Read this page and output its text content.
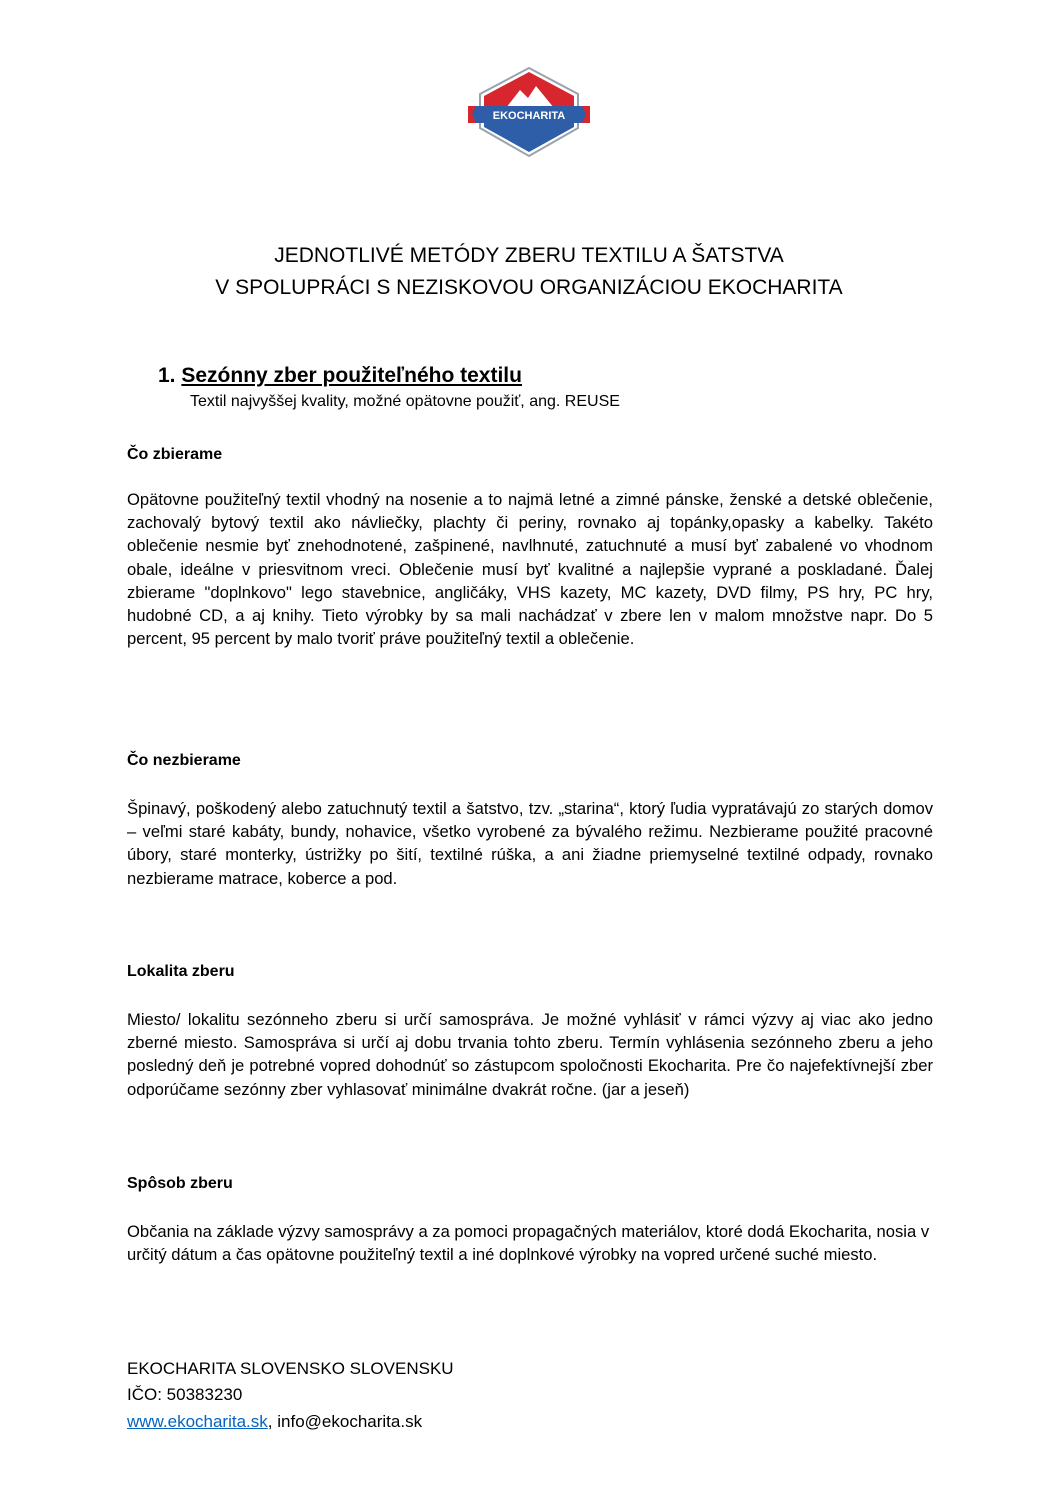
EKOCHARITA
JEDNOTLIVÉ METÓDY ZBERU TEXTILU A ŠATSTVA
V SPOLUPRÁCI S NEZISKOVOU ORGANIZÁCIOU EKOCHARITA
1. Sezónny zber použiteľného textilu
Textil najvyššej kvality, možné opätovne použiť, ang. REUSE
Čo zbierame
Opätovne použiteľný textil vhodný na nosenie a to najmä letné a zimné pánske, ženské a detské oblečenie, zachovalý bytový textil ako návliečky, plachty či periny, rovnako aj topánky,opasky a kabelky. Takéto oblečenie nesmie byť znehodnotené, zašpinené, navlhnuté, zatuchnuté a musí byť zabalené vo vhodnom obale, ideálne v priesvitnom vreci. Oblečenie musí byť kvalitné a najlepšie vyprané a poskladané. Ďalej zbierame "doplnkovo" lego stavebnice, angličáky, VHS kazety, MC kazety, DVD filmy, PS hry, PC hry, hudobné CD, a aj knihy. Tieto výrobky by sa mali nachádzať v zbere len v malom množstve napr. Do 5 percent, 95 percent by malo tvoriť práve použiteľný textil a oblečenie.
Čo nezbierame
Špinavý, poškodený alebo zatuchnutý textil a šatstvo, tzv. „starina“, ktorý ľudia vypratávajú zo starých domov – veľmi staré kabáty, bundy, nohavice, všetko vyrobené za bývalého režimu. Nezbierame použité pracovné úbory, staré monterky, ústrižky po šití, textilné rúška, a ani žiadne priemyselné textilné odpady, rovnako nezbierame matrace, koberce a pod.
Lokalita zberu
Miesto/ lokalitu sezónneho zberu si určí samospráva. Je možné vyhlásiť v rámci výzvy aj viac ako jedno zberné miesto. Samospráva si určí aj dobu trvania tohto zberu. Termín vyhlásenia sezónneho zberu a jeho posledný deň je potrebné vopred dohodnúť so zástupcom spoločnosti Ekocharita. Pre čo najefektívnejší zber odporúčame sezónny zber vyhlasovať minimálne dvakrát ročne. (jar a jeseň)
Spôsob zberu
Občania na základe výzvy samosprávy a za pomoci propagačných materiálov, ktoré dodá Ekocharita, nosia v určitý dátum a čas opätovne použiteľný textil a iné doplnkové výrobky na vopred určené suché miesto.
EKOCHARITA SLOVENSKO SLOVENSKU
IČO: 50383230
www.ekocharita.sk, info@ekocharita.sk
